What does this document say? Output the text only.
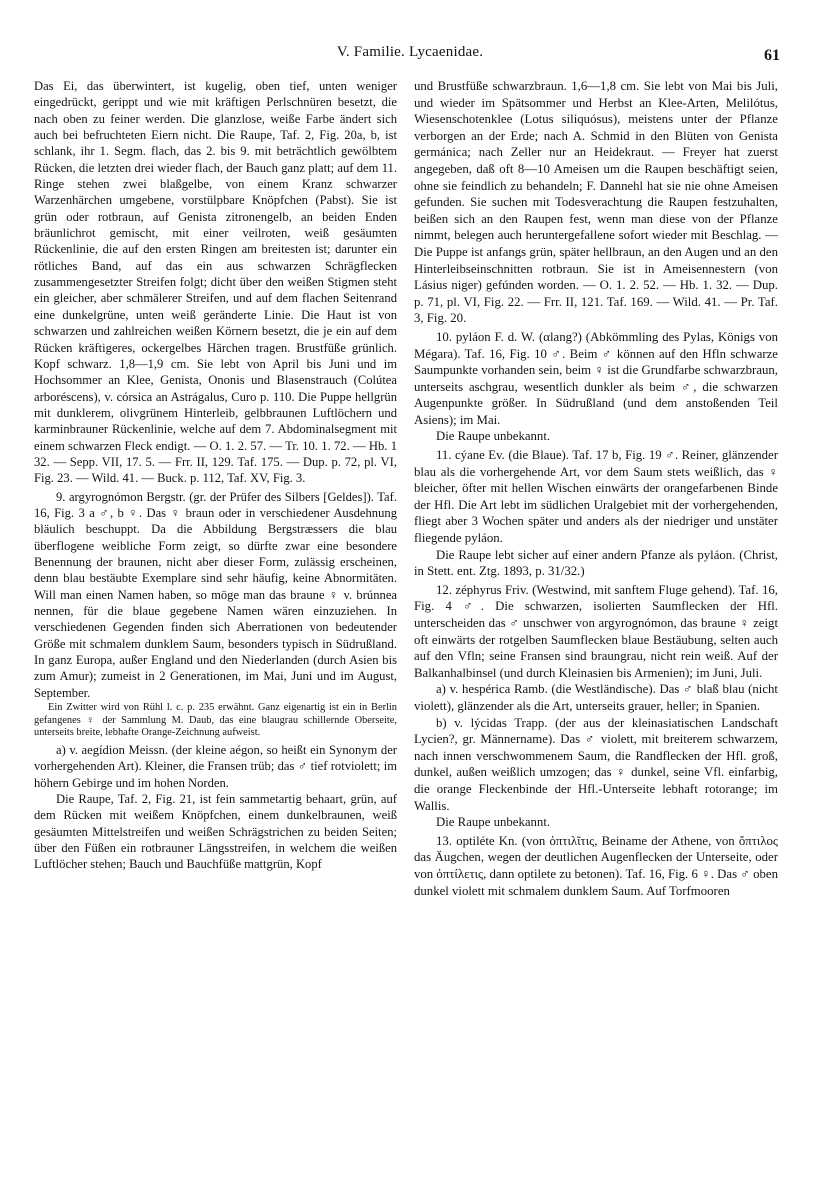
V. Familie. Lycaenidae.	61

Das Ei, das überwintert, ist kugelig, oben tief, unten weniger eingedrückt, gerippt und wie mit kräftigen Perlschnüren besetzt, die nach oben zu feiner werden. Die glanzlose, weiße Farbe ändert sich auch bei befruchteten Eiern nicht. Die Raupe, Taf. 2, Fig. 20a, b, ist schlank, ihr 1. Segm. flach, das 2. bis 9. mit beträchtlich gewölbtem Rücken, die letzten drei wieder flach, der Bauch ganz platt; auf dem 11. Ringe stehen zwei blaßgelbe, von einem Kranz schwarzer Warzenhärchen umgebene, vorstülpbare Knöpfchen (Pabst). Sie ist grün oder rotbraun, auf Genista zitronengelb, an beiden Enden bräunlichrot gemischt, mit einer veilroten, weiß gesäumten Rückenlinie, die auf den ersten Ringen am breitesten ist; darunter ein rötliches Band, auf das ein aus schwarzen Schrägflecken zusammengesetzter Streifen folgt; dicht über den weißen Stigmen steht ein gleicher, aber schmälerer Streifen, und auf dem flachen Seitenrand eine dunkelgrüne, unten weiß geränderte Linie. Die Haut ist von schwarzen und zahlreichen weißen Körnern besetzt, die je ein auf dem Rücken kräftigeres, ockergelbes Härchen tragen. Brustfüße grünlich. Kopf schwarz. 1,8—1,9 cm. Sie lebt von April bis Juni und im Hochsommer an Klee, Genista, Ononis und Blasenstrauch (Colútea arboréscens), v. córsica an Astrágalus, Curo p. 110. Die Puppe hellgrün mit dunklerem, olivgrünem Hinterleib, gelbbraunen Luftlöchern und karminbrauner Rückenlinie, welche auf dem 7. Abdominalsegment mit einem schwarzen Fleck endigt. — O. 1. 2. 57. — Tr. 10. 1. 72. — Hb. 1 32. — Sepp. VII, 17. 5. — Frr. II, 129. Taf. 175. — Dup. p. 72, pl. VI, Fig. 23. — Wild. 41. — Buck. p. 112, Taf. XV, Fig. 3.

9. argyrognómon Bergstr. (gr. der Prüfer des Silbers [Geldes]). Taf. 16, Fig. 3 a ♂, b ♀. Das ♀ braun oder in verschiedener Ausdehnung bläulich beschuppt. Da die Abbildung Bergstræssers die blau überflogene weibliche Form zeigt, so dürfte zwar eine besondere Benennung der braunen, nicht aber dieser Form, zulässig erscheinen, denn blau bestäubte Exemplare sind sehr häufig, keine Abnormitäten. Will man einen Namen haben, so möge man das braune ♀ v. brúnnea nennen, für die blaue gegebene Namen wären einzuziehen. In verschiedenen Gegenden finden sich Aberrationen von bedeutender Größe mit schmalem dunklem Saum, besonders typisch in Südrußland. In ganz Europa, außer England und den Niederlanden (durch Asien bis zum Amur); zumeist in 2 Generationen, im Mai, Juni und im August, September.

Ein Zwitter wird von Rühl l. c. p. 235 erwähnt. Ganz eigenartig ist ein in Berlin gefangenes ♀ der Sammlung M. Daub, das eine blaugrau schillernde Oberseite, unterseits breite, lebhafte Orange-Zeichnung aufweist.

a) v. aegídion Meissn. (der kleine aégon, so heißt ein Synonym der vorhergehenden Art). Kleiner, die Fransen trüb; das ♂ tief rotviolett; im höhern Gebirge und im hohen Norden.

Die Raupe, Taf. 2, Fig. 21, ist fein sammetartig behaart, grün, auf dem Rücken mit weißem Knöpfchen, einem dunkelbraunen, weiß gesäumten Mittelstreifen und weißen Schrägstrichen zu beiden Seiten; über den Füßen ein rotbrauner Längsstreifen, in welchem die weißen Luftlöcher stehen; Bauch und Bauchfüße mattgrün, Kopf

und Brustfüße schwarzbraun. 1,6—1,8 cm. Sie lebt von Mai bis Juli, und wieder im Spätsommer und Herbst an Klee-Arten, Melilótus, Wiesenschotenklee (Lotus siliquósus), meistens unter der Pflanze verborgen an der Erde; nach A. Schmid in den Blüten von Genista germánica; nach Zeller nur an Heidekraut. — Freyer hat zuerst angegeben, daß oft 8—10 Ameisen um die Raupen beschäftigt seien, ohne sie feindlich zu behandeln; F. Dannehl hat sie nie ohne Ameisen gefunden. Sie suchen mit Todesverachtung die Raupen festzuhalten, beißen sich an den Raupen fest, wenn man diese von der Pflanze nimmt, belegen auch heruntergefallene sofort wieder mit Beschlag. — Die Puppe ist anfangs grün, später hellbraun, an den Augen und an den Hinterleibseinschnitten rotbraun. Sie ist in Ameisennestern (von Lásius niger) gefúnden worden. — O. 1. 2. 52. — Hb. 1. 32. — Dup. p. 71, pl. VI, Fig. 22. — Frr. II, 121. Taf. 169. — Wild. 41. — Pr. Taf. 3, Fig. 20.

10. pyláon F. d. W. (αlang?) (Abkömmling des Pylas, Königs von Mégara). Taf. 16, Fig. 10 ♂. Beim ♂ können auf den Hfln schwarze Saumpunkte vorhanden sein, beim ♀ ist die Grundfarbe schwarzbraun, unterseits aschgrau, wesentlich dunkler als beim ♂, die schwarzen Augenpunkte größer. In Südrußland (und dem anstoßenden Teil Asiens); im Mai.

Die Raupe unbekannt.

11. cýane Ev. (die Blaue). Taf. 17 b, Fig. 19 ♂. Reiner, glänzender blau als die vorhergehende Art, vor dem Saum stets weißlich, das ♀ bleicher, öfter mit hellen Wischen einwärts der orangefarbenen Binde der Hfl. Die Art lebt im südlichen Uralgebiet mit der vorhergehenden, fliegt aber 3 Wochen später und anders als der niedriger und unstäter fliegende pyláon.

Die Raupe lebt sicher auf einer andern Pfanze als pyláon. (Christ, in Stett. ent. Ztg. 1893, p. 31/32.)

12. zéphyrus Friv. (Westwind, mit sanftem Fluge gehend). Taf. 16, Fig. 4 ♂. Die schwarzen, isolierten Saumflecken der Hfl. unterscheiden das ♂ unschwer von argyrognómon, das braune ♀ zeigt oft einwärts der rotgelben Saumflecken blaue Bestäubung, selten auch auf den Vfln; seine Fransen sind braungrau, nicht rein weiß. Auf der Balkanhalbinsel (und durch Kleinasien bis Armenien); im Juni, Juli.

a) v. hespérica Ramb. (die Westländische). Das ♂ blaß blau (nicht violett), glänzender als die Art, unterseits grauer, heller; in Spanien.

b) v. lýcidas Trapp. (der aus der kleinasiatischen Landschaft Lycien?, gr. Männername). Das ♂ violett, mit breiterem schwarzem, nach innen verschwommenem Saum, die Randflecken der Hfl. groß, dunkel, außen weißlich umzogen; das ♀ dunkel, seine Vfl. einfarbig, die orange Fleckenbinde der Hfl.-Unterseite lebhaft rotorange; im Wallis.

Die Raupe unbekannt.

13. optiléte Kn. (von ὀπτιλῖτις, Beiname der Athene, von ὄπτιλος das Äugchen, wegen der deutlichen Augenflecken der Unterseite, oder von ὀπτίλετις, dann optilete zu betonen). Taf. 16, Fig. 6 ♀. Das ♂ oben dunkel violett mit schmalem dunklem Saum. Auf Torfmooren
